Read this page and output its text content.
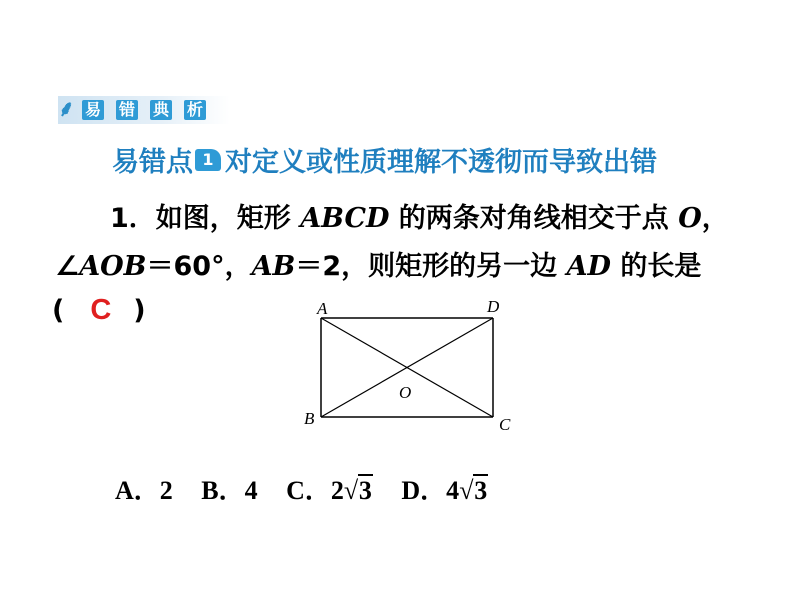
⸙ 易 错 典 析
易错点 1 对定义或性质理解不透彻而导致出错
1．如图，矩形 ABCD 的两条对角线相交于点 O，
∠AOB＝60°，AB＝2，则矩形的另一边 AD 的长是
( C )	A	D
B	C
O
A．2 B．4 C．2 √ 3 D．4 √ 3
